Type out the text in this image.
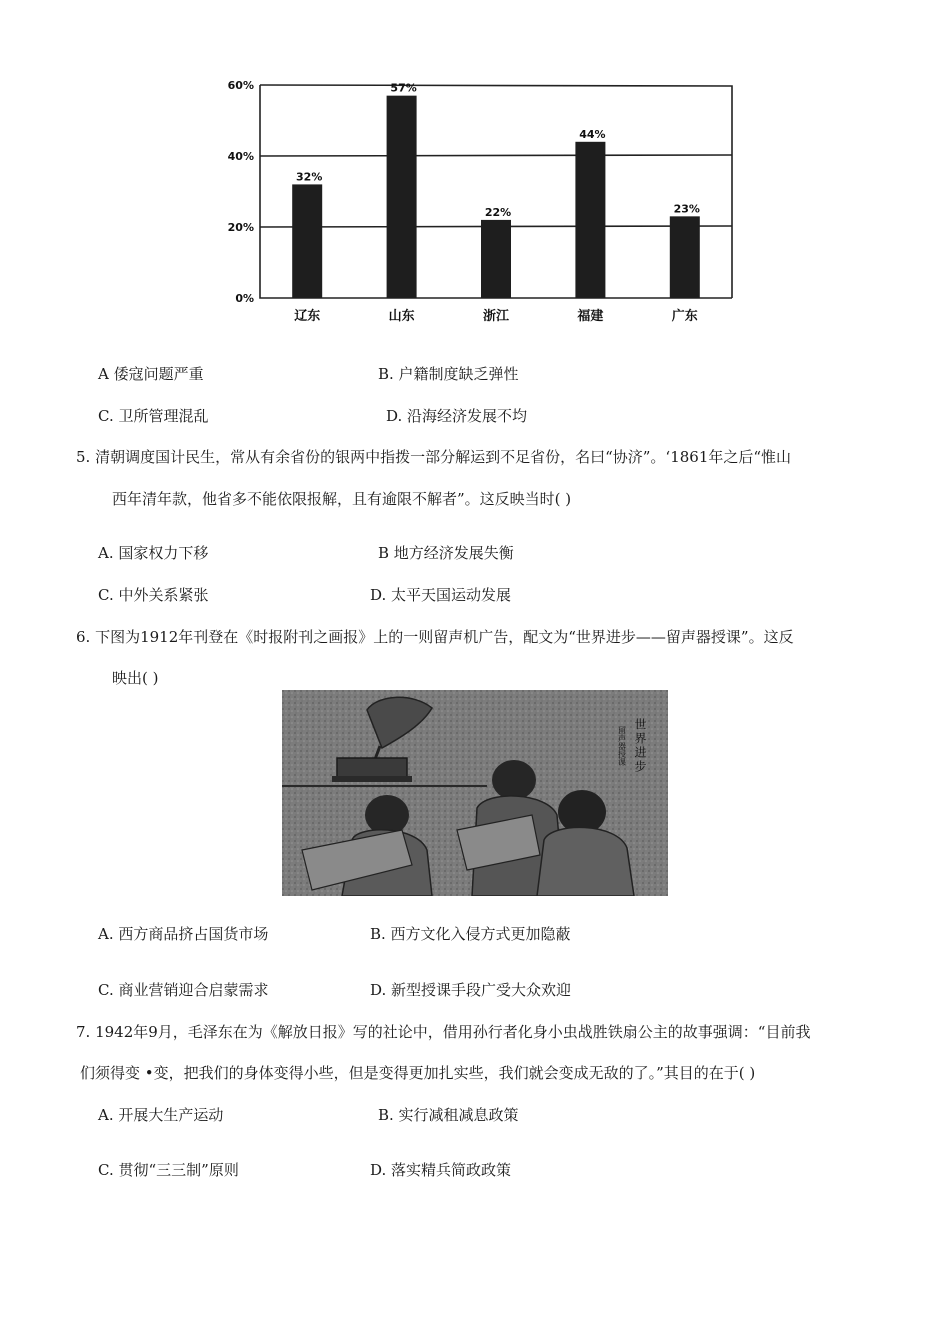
60%
40%
20%
0%
32%
57%
22%
44%
23%
辽东	山东	浙江	福建	广东
A 倭寇问题严重	B. 户籍制度缺乏弹性
C. 卫所管理混乱	D. 沿海经济发展不均
5. 清朝调度国计民生，常从有余省份的银两中指拨一部分解运到不足省份，名曰“协济”。‘1861年之后“惟山
西年清年款，他省多不能依限报解，且有逾限不解者”。这反映当时( )
A. 国家权力下移	B 地方经济发展失衡
C. 中外关系紧张	D. 太平天国运动发展
6. 下图为1912年刊登在《时报附刊之画报》上的一则留声机广告，配文为“世界进步——留声器授课”。这反
映出( )
世界进步
留声器授课
A. 西方商品挤占国货市场	B. 西方文化入侵方式更加隐蔽
C. 商业营销迎合启蒙需求	D. 新型授课手段广受大众欢迎
7. 1942年9月，毛泽东在为《解放日报》写的社论中，借用孙行者化身小虫战胜铁扇公主的故事强调：“目前我
们须得变 •变，把我们的身体变得小些，但是变得更加扎实些，我们就会变成无敌的了。”其目的在于( )
A. 开展大生产运动	B. 实行减租减息政策
C. 贯彻“三三制”原则	D. 落实精兵简政政策
